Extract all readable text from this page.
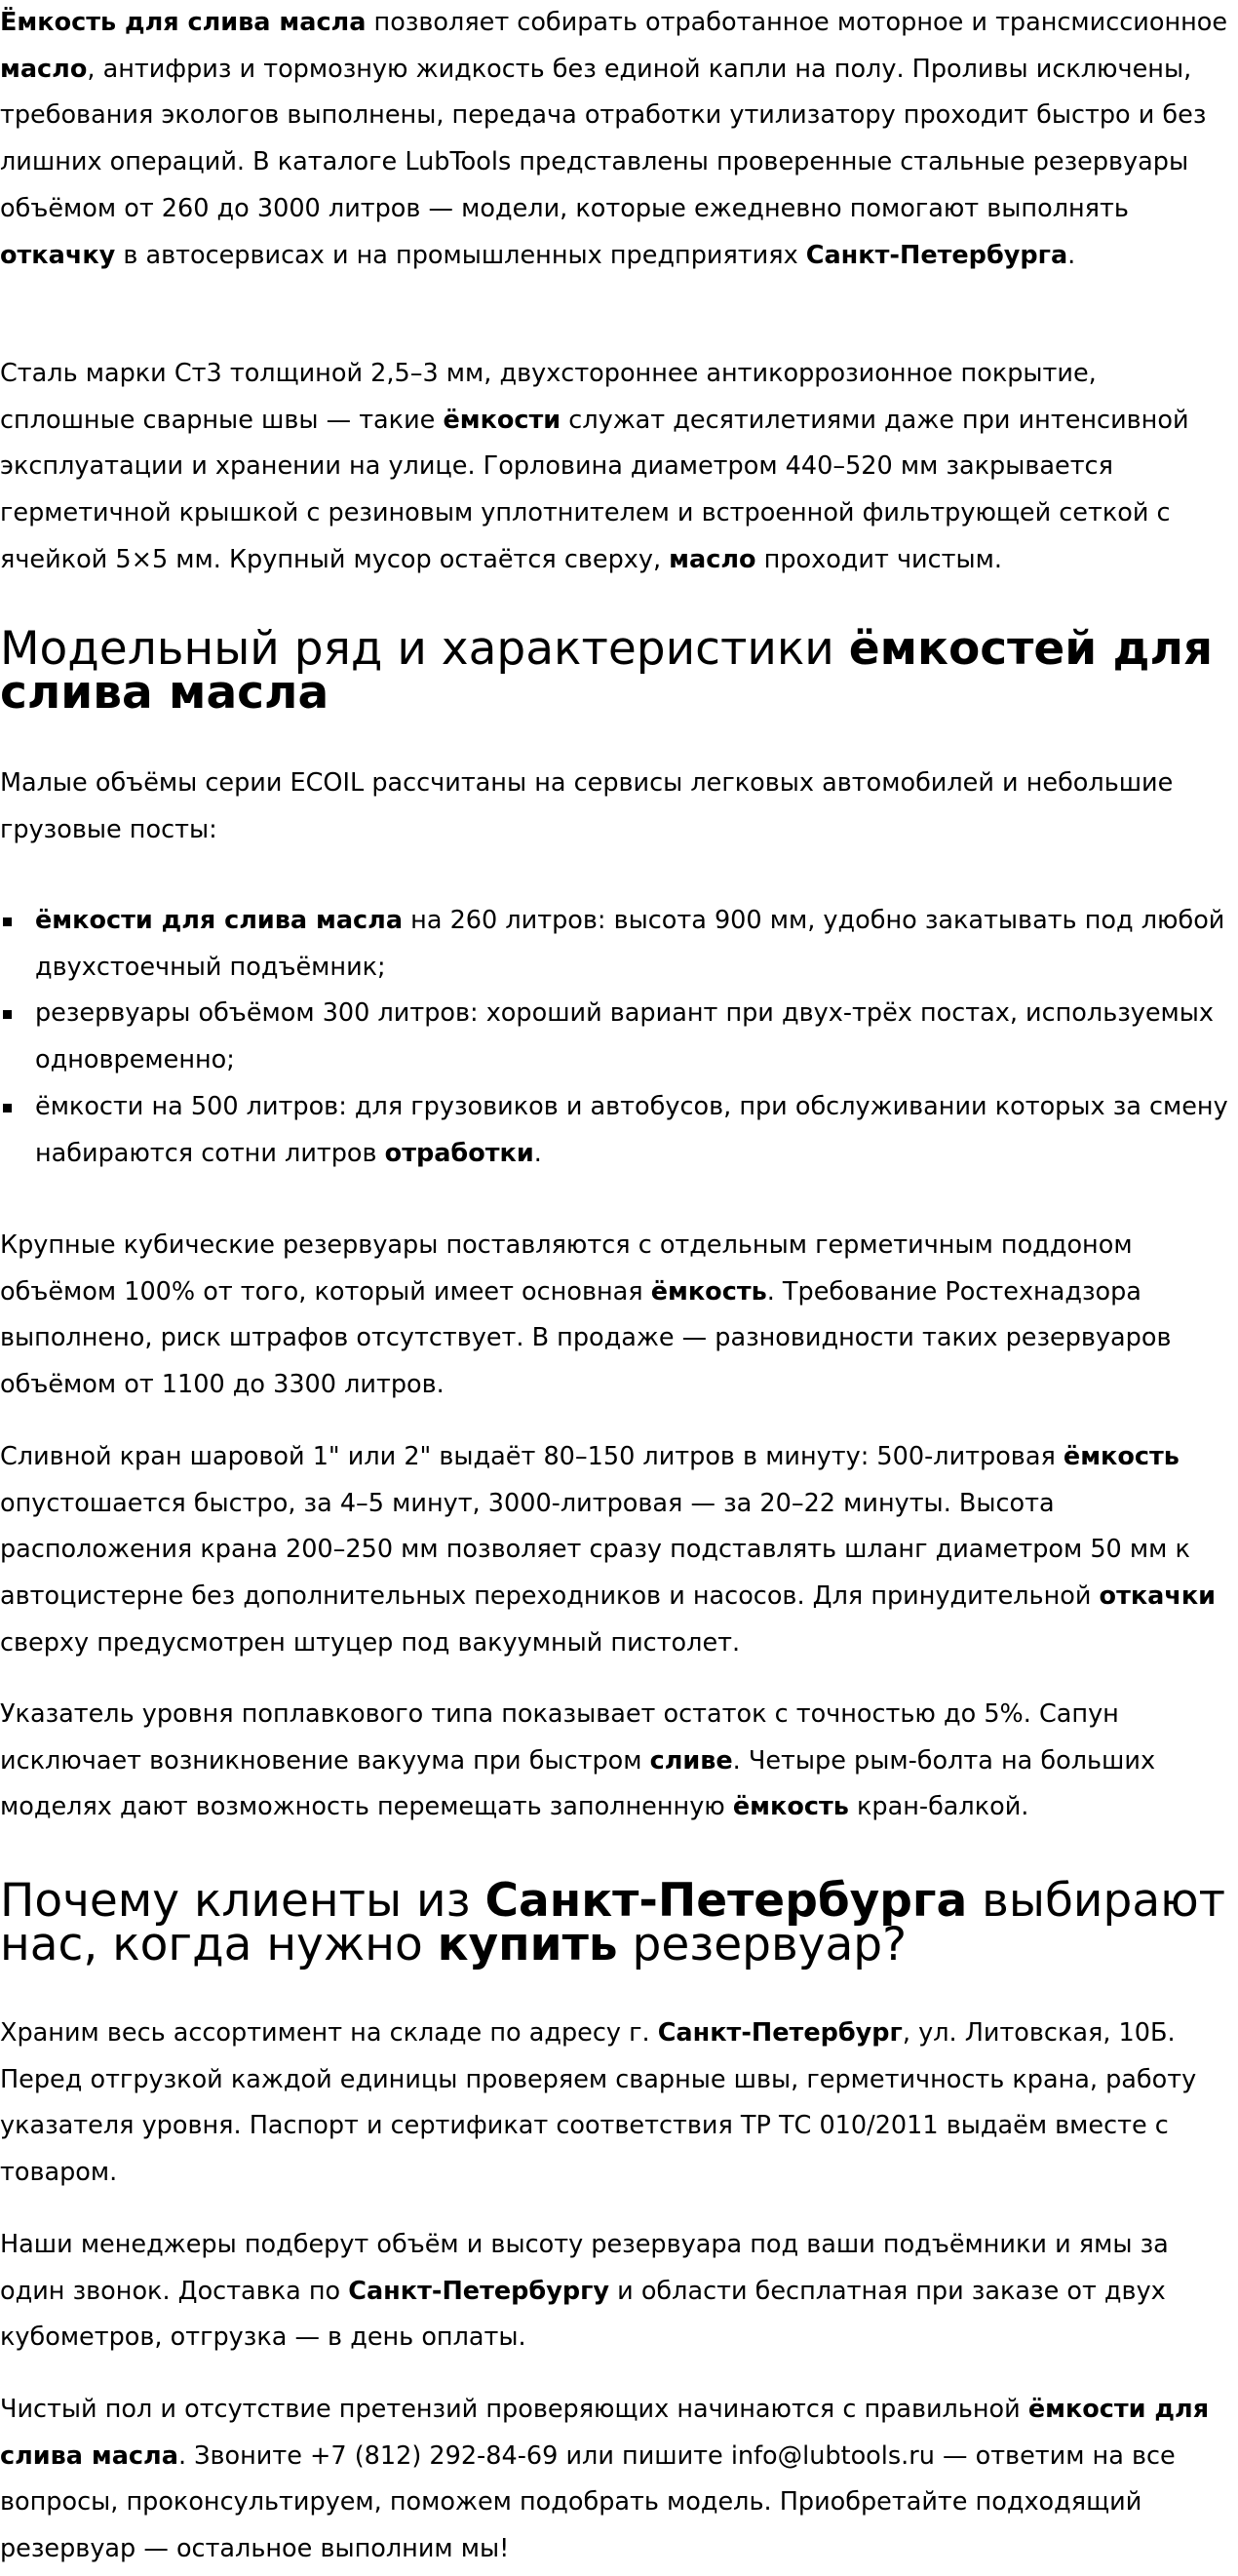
Ёмкость для слива масла позволяет собирать отработанное моторное и трансмиссионное масло, антифриз и тормозную жидкость без единой капли на полу. Проливы исключены, требования экологов выполнены, передача отработки утилизатору проходит быстро и без лишних операций. В каталоге LubTools представлены проверенные стальные резервуары объёмом от 260 до 3000 литров — модели, которые ежедневно помогают выполнять откачку в автосервисах и на промышленных предприятиях Санкт-Петербурга.

Сталь марки Ст3 толщиной 2,5–3 мм, двухстороннее антикоррозионное покрытие, сплошные сварные швы — такие ёмкости служат десятилетиями даже при интенсивной эксплуатации и хранении на улице. Горловина диаметром 440–520 мм закрывается герметичной крышкой с резиновым уплотнителем и встроенной фильтрующей сеткой с ячейкой 5×5 мм. Крупный мусор остаётся сверху, масло проходит чистым.

Модельный ряд и характеристики ёмкостей для слива масла

Малые объёмы серии ECOIL рассчитаны на сервисы легковых автомобилей и небольшие грузовые посты:

ёмкости для слива масла на 260 литров: высота 900 мм, удобно закатывать под любой двухстоечный подъёмник;
резервуары объёмом 300 литров: хороший вариант при двух-трёх постах, используемых одновременно;
ёмкости на 500 литров: для грузовиков и автобусов, при обслуживании которых за смену набираются сотни литров отработки.

Крупные кубические резервуары поставляются с отдельным герметичным поддоном объёмом 100% от того, который имеет основная ёмкость. Требование Ростехнадзора выполнено, риск штрафов отсутствует. В продаже — разновидности таких резервуаров объёмом от 1100 до 3300 литров.

Сливной кран шаровой 1" или 2" выдаёт 80–150 литров в минуту: 500-литровая ёмкость опустошается быстро, за 4–5 минут, 3000-литровая — за 20–22 минуты. Высота расположения крана 200–250 мм позволяет сразу подставлять шланг диаметром 50 мм к автоцистерне без дополнительных переходников и насосов. Для принудительной откачки сверху предусмотрен штуцер под вакуумный пистолет.

Указатель уровня поплавкового типа показывает остаток с точностью до 5%. Сапун исключает возникновение вакуума при быстром сливе. Четыре рым-болта на больших моделях дают возможность перемещать заполненную ёмкость кран-балкой.

Почему клиенты из Санкт-Петербурга выбирают нас, когда нужно купить резервуар?

Храним весь ассортимент на складе по адресу г. Санкт-Петербург, ул. Литовская, 10Б. Перед отгрузкой каждой единицы проверяем сварные швы, герметичность крана, работу указателя уровня. Паспорт и сертификат соответствия ТР ТС 010/2011 выдаём вместе с товаром.

Наши менеджеры подберут объём и высоту резервуара под ваши подъёмники и ямы за один звонок. Доставка по Санкт-Петербургу и области бесплатная при заказе от двух кубометров, отгрузка — в день оплаты.

Чистый пол и отсутствие претензий проверяющих начинаются с правильной ёмкости для слива масла. Звоните +7 (812) 292-84-69 или пишите info@lubtools.ru — ответим на все вопросы, проконсультируем, поможем подобрать модель. Приобретайте подходящий резервуар — остальное выполним мы!
